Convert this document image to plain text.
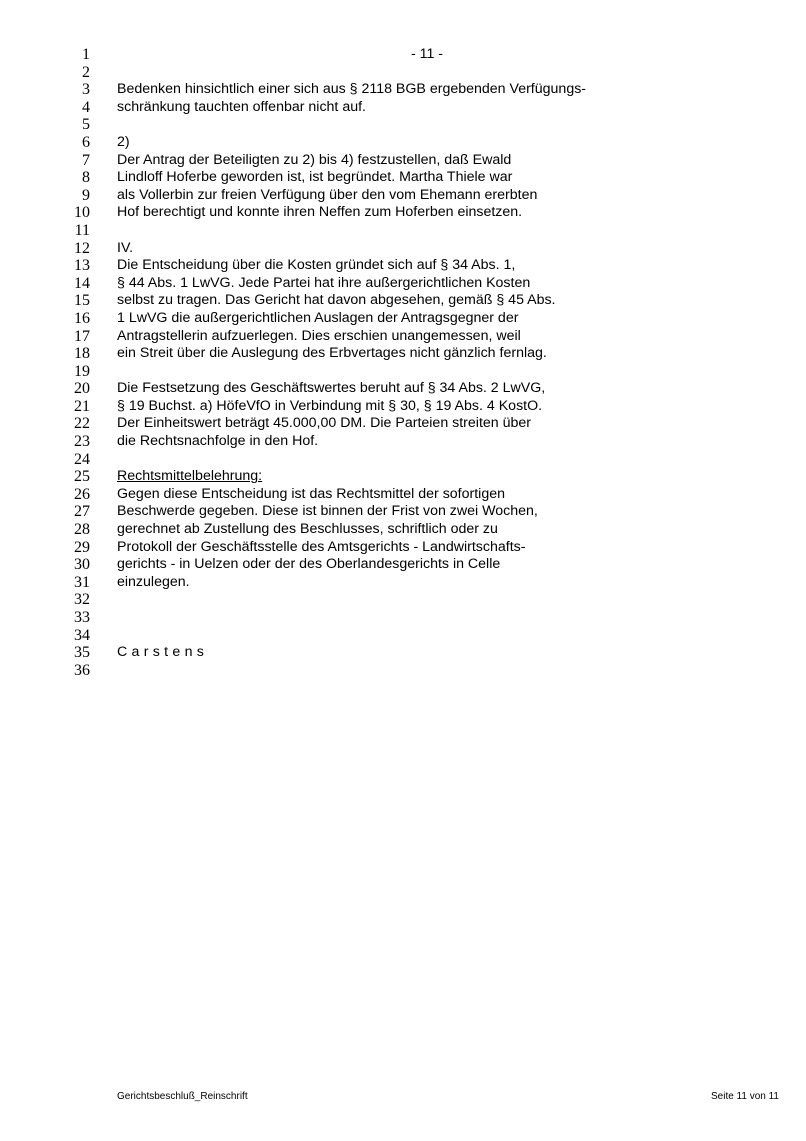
1	- 11 -
2
3 Bedenken hinsichtlich einer sich aus § 2118 BGB ergebenden Verfügungs-
4 schränkung tauchten offenbar nicht auf.
5
6 2)
7 Der Antrag der Beteiligten zu 2) bis 4) festzustellen, daß Ewald
8 Lindloff Hoferbe geworden ist, ist begründet. Martha Thiele war
9 als Vollerbin zur freien Verfügung über den vom Ehemann ererbten
10 Hof berechtigt und konnte ihren Neffen zum Hoferben einsetzen.
11
12 IV.
13 Die Entscheidung über die Kosten gründet sich auf § 34 Abs. 1,
14 § 44 Abs. 1 LwVG. Jede Partei hat ihre außergerichtlichen Kosten
15 selbst zu tragen. Das Gericht hat davon abgesehen, gemäß § 45 Abs.
16 1 LwVG die außergerichtlichen Auslagen der Antragsgegner der
17 Antragstellerin aufzuerlegen. Dies erschien unangemessen, weil
18 ein Streit über die Auslegung des Erbvertages nicht gänzlich fernlag.
19
20 Die Festsetzung des Geschäftswertes beruht auf § 34 Abs. 2 LwVG,
21 § 19 Buchst. a) HöfeVfO in Verbindung mit § 30, § 19 Abs. 4 KostO.
22 Der Einheitswert beträgt 45.000,00 DM. Die Parteien streiten über
23 die Rechtsnachfolge in den Hof.
24
25 Rechtsmittelbelehrung:
26 Gegen diese Entscheidung ist das Rechtsmittel der sofortigen
27 Beschwerde gegeben. Diese ist binnen der Frist von zwei Wochen,
28 gerechnet ab Zustellung des Beschlusses, schriftlich oder zu
29 Protokoll der Geschäftsstelle des Amtsgerichts - Landwirtschafts-
30 gerichts - in Uelzen oder der des Oberlandesgerichts in Celle
31 einzulegen.
32
33
34
35 Carstens
36
Gerichtsbeschluß_Reinschrift	Seite 11 von 11
